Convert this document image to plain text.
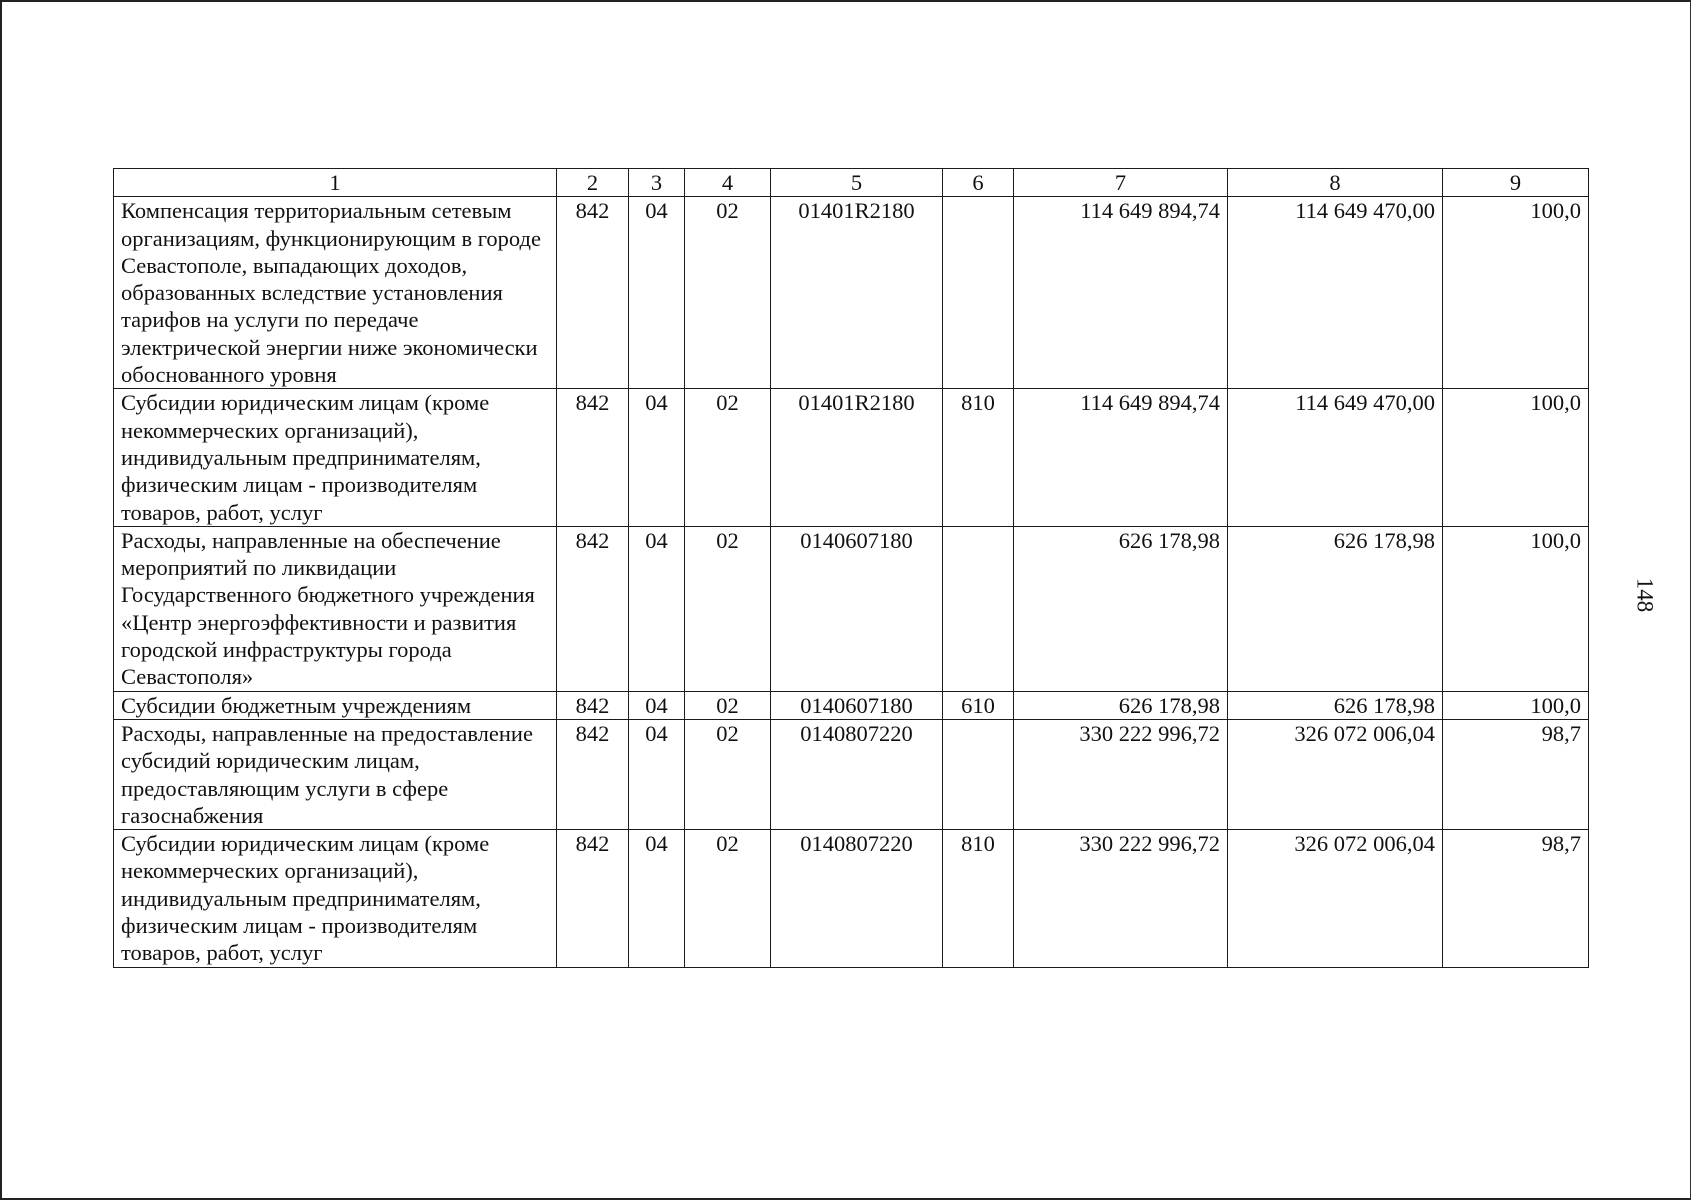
1	2	3	4	5	6	7	8	9
Компенсация территориальным сетевым организациям, функционирующим в городе Севастополе, выпадающих доходов, образованных вследствие установления тарифов на услуги по передаче электрической энергии ниже экономически обоснованного уровня	842	04	02	01401R2180		114 649 894,74	114 649 470,00	100,0
Субсидии юридическим лицам (кроме некоммерческих организаций), индивидуальным предпринимателям, физическим лицам - производителям товаров, работ, услуг	842	04	02	01401R2180	810	114 649 894,74	114 649 470,00	100,0
Расходы, направленные на обеспечение мероприятий по ликвидации Государственного бюджетного учреждения «Центр энергоэффективности и развития городской инфраструктуры города Севастополя»	842	04	02	0140607180		626 178,98	626 178,98	100,0
Субсидии бюджетным учреждениям	842	04	02	0140607180	610	626 178,98	626 178,98	100,0
Расходы, направленные на предоставление субсидий юридическим лицам, предоставляющим услуги в сфере газоснабжения	842	04	02	0140807220		330 222 996,72	326 072 006,04	98,7
Субсидии юридическим лицам (кроме некоммерческих организаций), индивидуальным предпринимателям, физическим лицам - производителям товаров, работ, услуг	842	04	02	0140807220	810	330 222 996,72	326 072 006,04	98,7
148
